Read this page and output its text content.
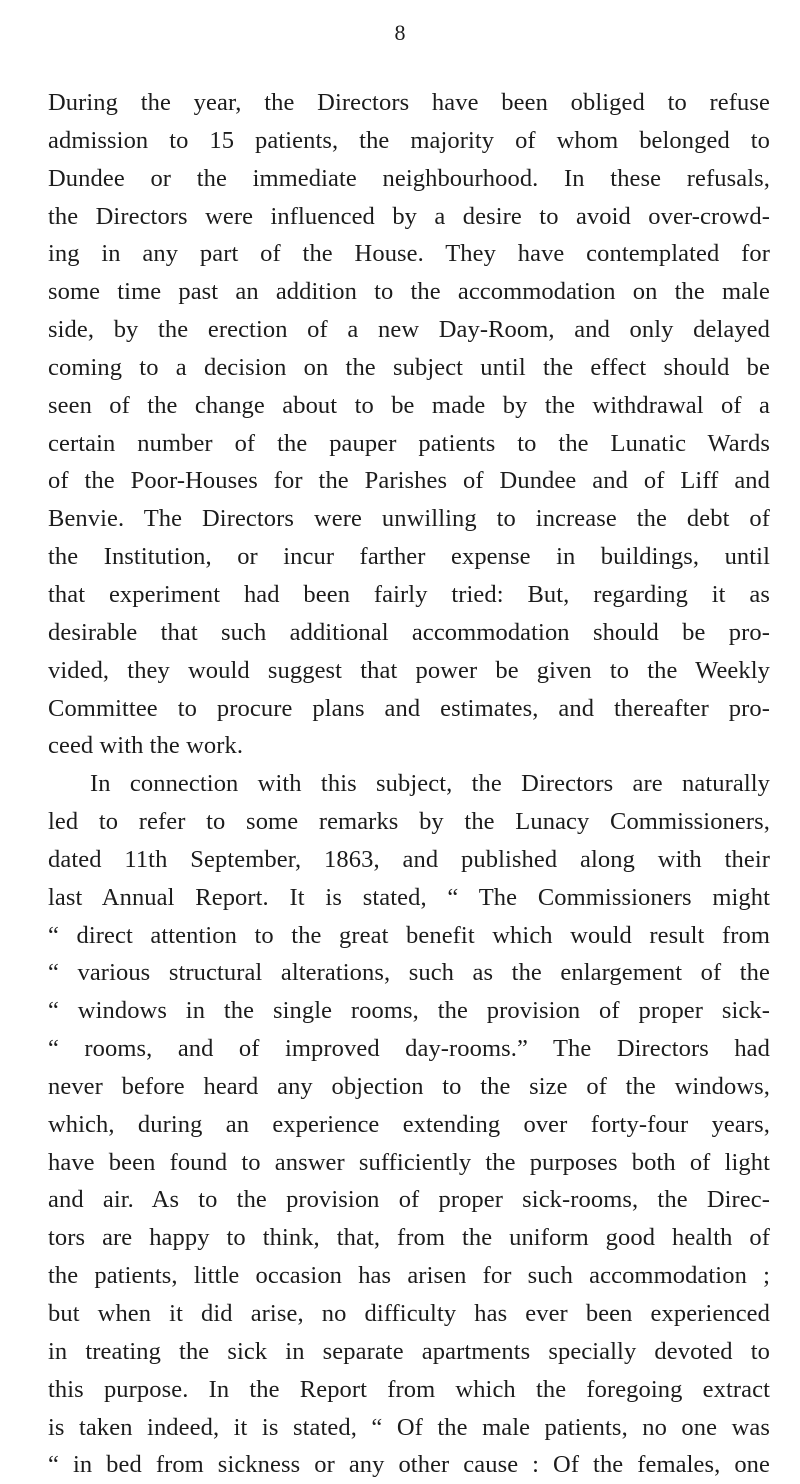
8
During the year, the Directors have been obliged to refuse
admission to 15 patients, the majority of whom belonged to
Dundee or the immediate neighbourhood. In these refusals,
the Directors were influenced by a desire to avoid over-crowd-
ing in any part of the House. They have contemplated for
some time past an addition to the accommodation on the male
side, by the erection of a new Day-Room, and only delayed
coming to a decision on the subject until the effect should be
seen of the change about to be made by the withdrawal of a
certain number of the pauper patients to the Lunatic Wards
of the Poor-Houses for the Parishes of Dundee and of Liff and
Benvie. The Directors were unwilling to increase the debt of
the Institution, or incur farther expense in buildings, until
that experiment had been fairly tried: But, regarding it as
desirable that such additional accommodation should be pro-
vided, they would suggest that power be given to the Weekly
Committee to procure plans and estimates, and thereafter pro-
ceed with the work.
In connection with this subject, the Directors are naturally
led to refer to some remarks by the Lunacy Commissioners,
dated 11th September, 1863, and published along with their
last Annual Report. It is stated, “ The Commissioners might
“ direct attention to the great benefit which would result from
“ various structural alterations, such as the enlargement of the
“ windows in the single rooms, the provision of proper sick-
“ rooms, and of improved day-rooms.” The Directors had
never before heard any objection to the size of the windows,
which, during an experience extending over forty-four years,
have been found to answer sufficiently the purposes both of light
and air. As to the provision of proper sick-rooms, the Direc-
tors are happy to think, that, from the uniform good health of
the patients, little occasion has arisen for such accommodation ;
but when it did arise, no difficulty has ever been experienced
in treating the sick in separate apartments specially devoted to
this purpose. In the Report from which the foregoing extract
is taken indeed, it is stated, “ Of the male patients, no one was
“ in bed from sickness or any other cause : Of the females, one
